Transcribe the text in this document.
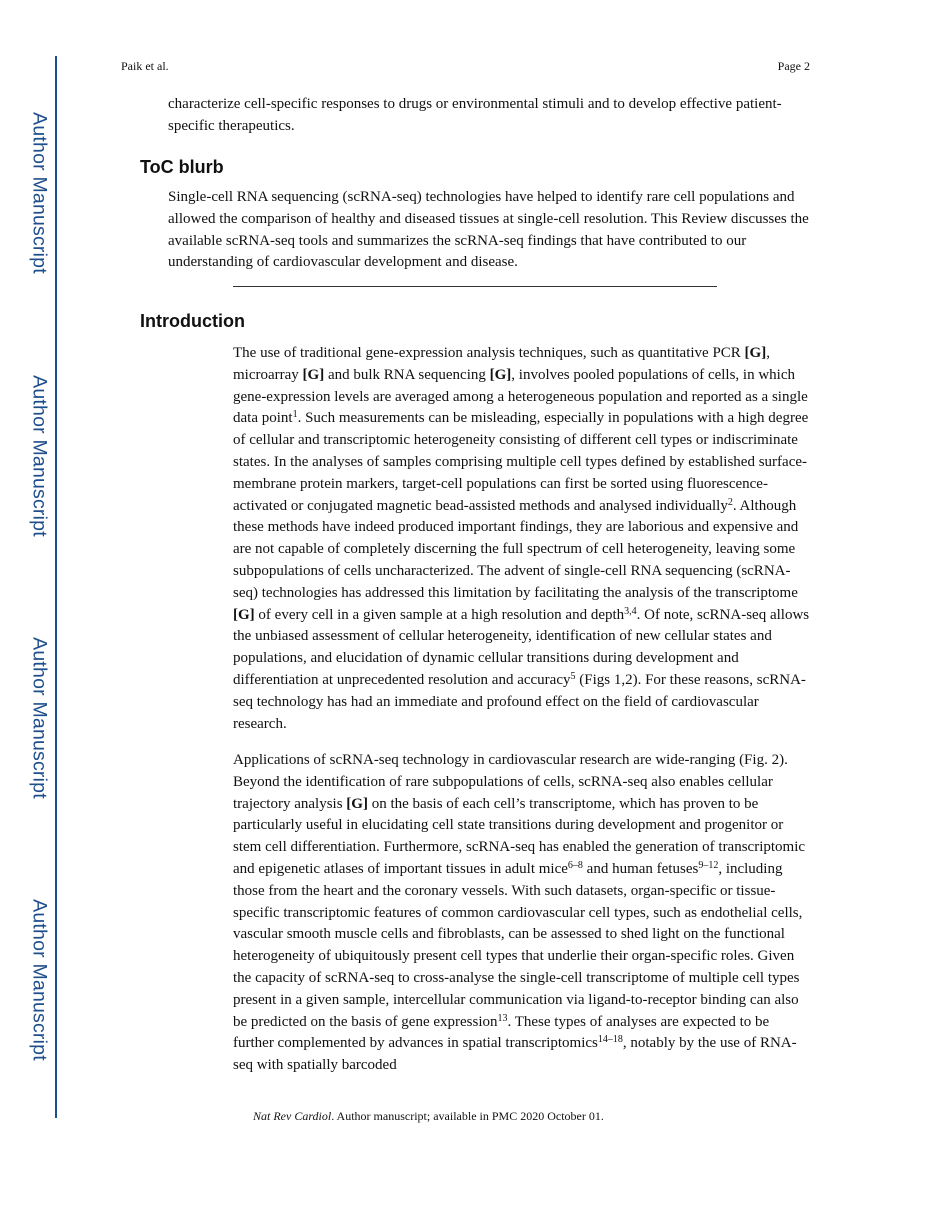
Author Manuscript
Author Manuscript
Author Manuscript
Author Manuscript
Paik et al.	Page 2

characterize cell-specific responses to drugs or environmental stimuli and to develop effective patient-specific therapeutics.

ToC blurb

Single-cell RNA sequencing (scRNA-seq) technologies have helped to identify rare cell populations and allowed the comparison of healthy and diseased tissues at single-cell resolution. This Review discusses the available scRNA-seq tools and summarizes the scRNA-seq findings that have contributed to our understanding of cardiovascular development and disease.

Introduction

The use of traditional gene-expression analysis techniques, such as quantitative PCR [G], microarray [G] and bulk RNA sequencing [G], involves pooled populations of cells, in which gene-expression levels are averaged among a heterogeneous population and reported as a single data point$^1$. Such measurements can be misleading, especially in populations with a high degree of cellular and transcriptomic heterogeneity consisting of different cell types or indiscriminate states. In the analyses of samples comprising multiple cell types defined by established surface-membrane protein markers, target-cell populations can first be sorted using fluorescence-activated or conjugated magnetic bead-assisted methods and analysed individually$^2$. Although these methods have indeed produced important findings, they are laborious and expensive and are not capable of completely discerning the full spectrum of cell heterogeneity, leaving some subpopulations of cells uncharacterized. The advent of single-cell RNA sequencing (scRNA-seq) technologies has addressed this limitation by facilitating the analysis of the transcriptome [G] of every cell in a given sample at a high resolution and depth$^{3,4}$. Of note, scRNA-seq allows the unbiased assessment of cellular heterogeneity, identification of new cellular states and populations, and elucidation of dynamic cellular transitions during development and differentiation at unprecedented resolution and accuracy$^5$ (Figs 1,2). For these reasons, scRNA-seq technology has had an immediate and profound effect on the field of cardiovascular research.

Applications of scRNA-seq technology in cardiovascular research are wide-ranging (Fig. 2). Beyond the identification of rare subpopulations of cells, scRNA-seq also enables cellular trajectory analysis [G] on the basis of each cell’s transcriptome, which has proven to be particularly useful in elucidating cell state transitions during development and progenitor or stem cell differentiation. Furthermore, scRNA-seq has enabled the generation of transcriptomic and epigenetic atlases of important tissues in adult mice$^{6-8}$ and human fetuses$^{9-12}$, including those from the heart and the coronary vessels. With such datasets, organ-specific or tissue-specific transcriptomic features of common cardiovascular cell types, such as endothelial cells, vascular smooth muscle cells and fibroblasts, can be assessed to shed light on the functional heterogeneity of ubiquitously present cell types that underlie their organ-specific roles. Given the capacity of scRNA-seq to cross-analyse the single-cell transcriptome of multiple cell types present in a given sample, intercellular communication via ligand-to-receptor binding can also be predicted on the basis of gene expression$^{13}$. These types of analyses are expected to be further complemented by advances in spatial transcriptomics$^{14-18}$, notably by the use of RNA-seq with spatially barcoded

Nat Rev Cardiol. Author manuscript; available in PMC 2020 October 01.
